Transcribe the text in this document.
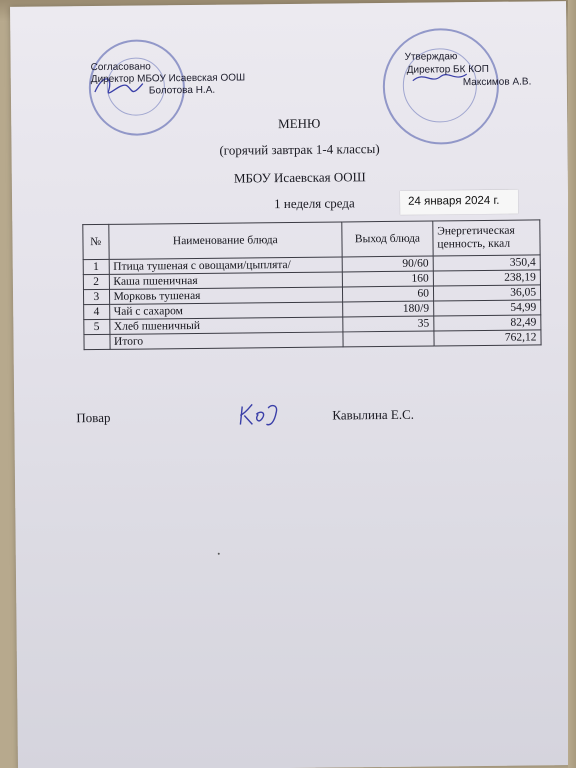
Согласовано
Директор МБОУ Исаевская ООШ
Болотова Н.А.
Утверждаю
Директор БК КОП
Максимов А.В.
МЕНЮ
(горячий завтрак 1-4 классы)
МБОУ Исаевская ООШ
1 неделя среда	24 января 2024 г.
№	Наименование блюда	Выход блюда	Энергетическая ценность, ккал
1	Птица тушеная с овощами/цыплята/	90/60	350,4
2	Каша пшеничная	160	238,19
3	Морковь тушеная	60	36,05
4	Чай с сахаром	180/9	54,99
5	Хлеб пшеничный	35	82,49
	Итого		762,12
Повар	Кавылина Е.С.
